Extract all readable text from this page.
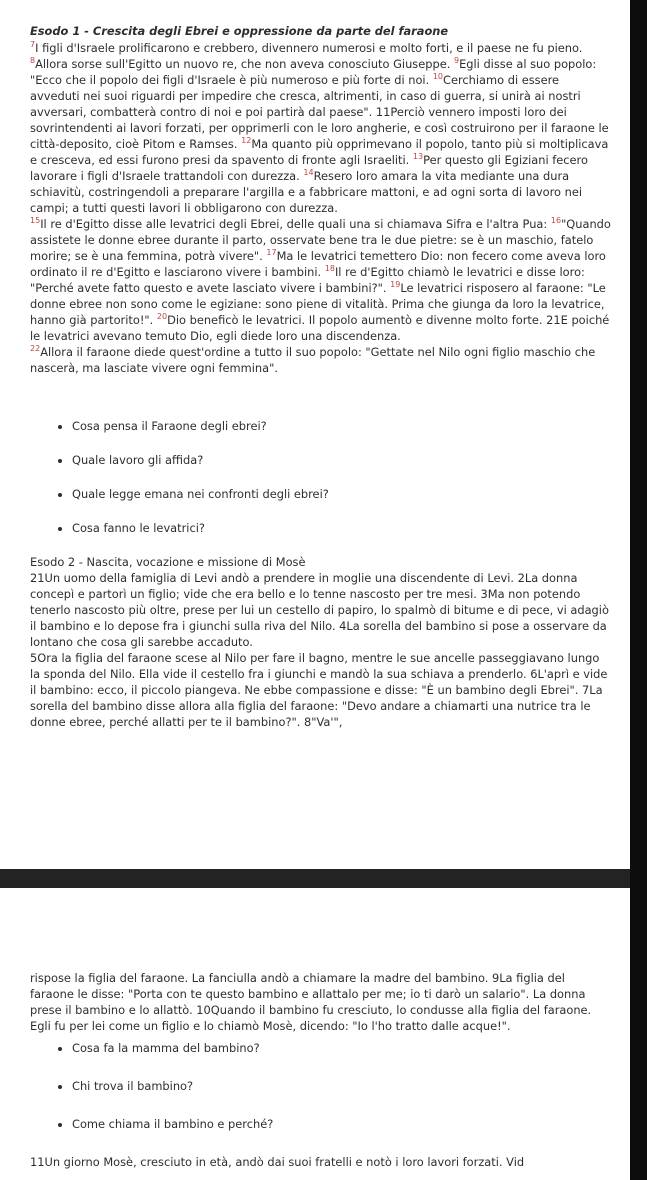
Esodo 1 - Crescita degli Ebrei e oppressione da parte del faraone
$^7$I figli d'Israele prolificarono e crebbero, divennero numerosi e molto forti, e il paese ne fu pieno.
$^8$Allora sorse sull'Egitto un nuovo re, che non aveva conosciuto Giuseppe. $^9$Egli disse al suo popolo: "Ecco che il popolo dei figli d'Israele è più numeroso e più forte di noi. $^{10}$Cerchiamo di essere avveduti nei suoi riguardi per impedire che cresca, altrimenti, in caso di guerra, si unirà ai nostri avversari, combatterà contro di noi e poi partirà dal paese". 11Perciò vennero imposti loro dei sovrintendenti ai lavori forzati, per opprimerli con le loro angherie, e così costruirono per il faraone le città-deposito, cioè Pitom e Ramses. $^{12}$Ma quanto più opprimevano il popolo, tanto più si moltiplicava e cresceva, ed essi furono presi da spavento di fronte agli Israeliti. $^{13}$Per questo gli Egiziani fecero lavorare i figli d'Israele trattandoli con durezza. $^{14}$Resero loro amara la vita mediante una dura schiavitù, costringendoli a preparare l'argilla e a fabbricare mattoni, e ad ogni sorta di lavoro nei campi; a tutti questi lavori li obbligarono con durezza.
$^{15}$Il re d'Egitto disse alle levatrici degli Ebrei, delle quali una si chiamava Sifra e l'altra Pua: $^{16}$"Quando assistete le donne ebree durante il parto, osservate bene tra le due pietre: se è un maschio, fatelo morire; se è una femmina, potrà vivere". $^{17}$Ma le levatrici temettero Dio: non fecero come aveva loro ordinato il re d'Egitto e lasciarono vivere i bambini. $^{18}$Il re d'Egitto chiamò le levatrici e disse loro: "Perché avete fatto questo e avete lasciato vivere i bambini?". $^{19}$Le levatrici risposero al faraone: "Le donne ebree non sono come le egiziane: sono piene di vitalità. Prima che giunga da loro la levatrice, hanno già partorito!". $^{20}$Dio beneficò le levatrici. Il popolo aumentò e divenne molto forte. 21E poiché le levatrici avevano temuto Dio, egli diede loro una discendenza.
$^{22}$Allora il faraone diede quest'ordine a tutto il suo popolo: "Gettate nel Nilo ogni figlio maschio che nascerà, ma lasciate vivere ogni femmina".
• Cosa pensa il Faraone degli ebrei?
• Quale lavoro gli affida?
• Quale legge emana nei confronti degli ebrei?
• Cosa fanno le levatrici?
Esodo 2 - Nascita, vocazione e missione di Mosè
21Un uomo della famiglia di Levi andò a prendere in moglie una discendente di Levi. 2La donna concepì e partorì un figlio; vide che era bello e lo tenne nascosto per tre mesi. 3Ma non potendo tenerlo nascosto più oltre, prese per lui un cestello di papiro, lo spalmò di bitume e di pece, vi adagiò il bambino e lo depose fra i giunchi sulla riva del Nilo. 4La sorella del bambino si pose a osservare da lontano che cosa gli sarebbe accaduto.
5Ora la figlia del faraone scese al Nilo per fare il bagno, mentre le sue ancelle passeggiavano lungo la sponda del Nilo. Ella vide il cestello fra i giunchi e mandò la sua schiava a prenderlo. 6L'aprì e vide il bambino: ecco, il piccolo piangeva. Ne ebbe compassione e disse: "È un bambino degli Ebrei". 7La sorella del bambino disse allora alla figlia del faraone: "Devo andare a chiamarti una nutrice tra le donne ebree, perché allatti per te il bambino?". 8"Va'",
rispose la figlia del faraone. La fanciulla andò a chiamare la madre del bambino. 9La figlia del faraone le disse: "Porta con te questo bambino e allattalo per me; io ti darò un salario". La donna prese il bambino e lo allattò. 10Quando il bambino fu cresciuto, lo condusse alla figlia del faraone. Egli fu per lei come un figlio e lo chiamò Mosè, dicendo: "Io l'ho tratto dalle acque!".
• Cosa fa la mamma del bambino?
• Chi trova il bambino?
• Come chiama il bambino e perché?
11Un giorno Mosè, cresciuto in età, andò dai suoi fratelli e notò i loro lavori forzati. Vid
